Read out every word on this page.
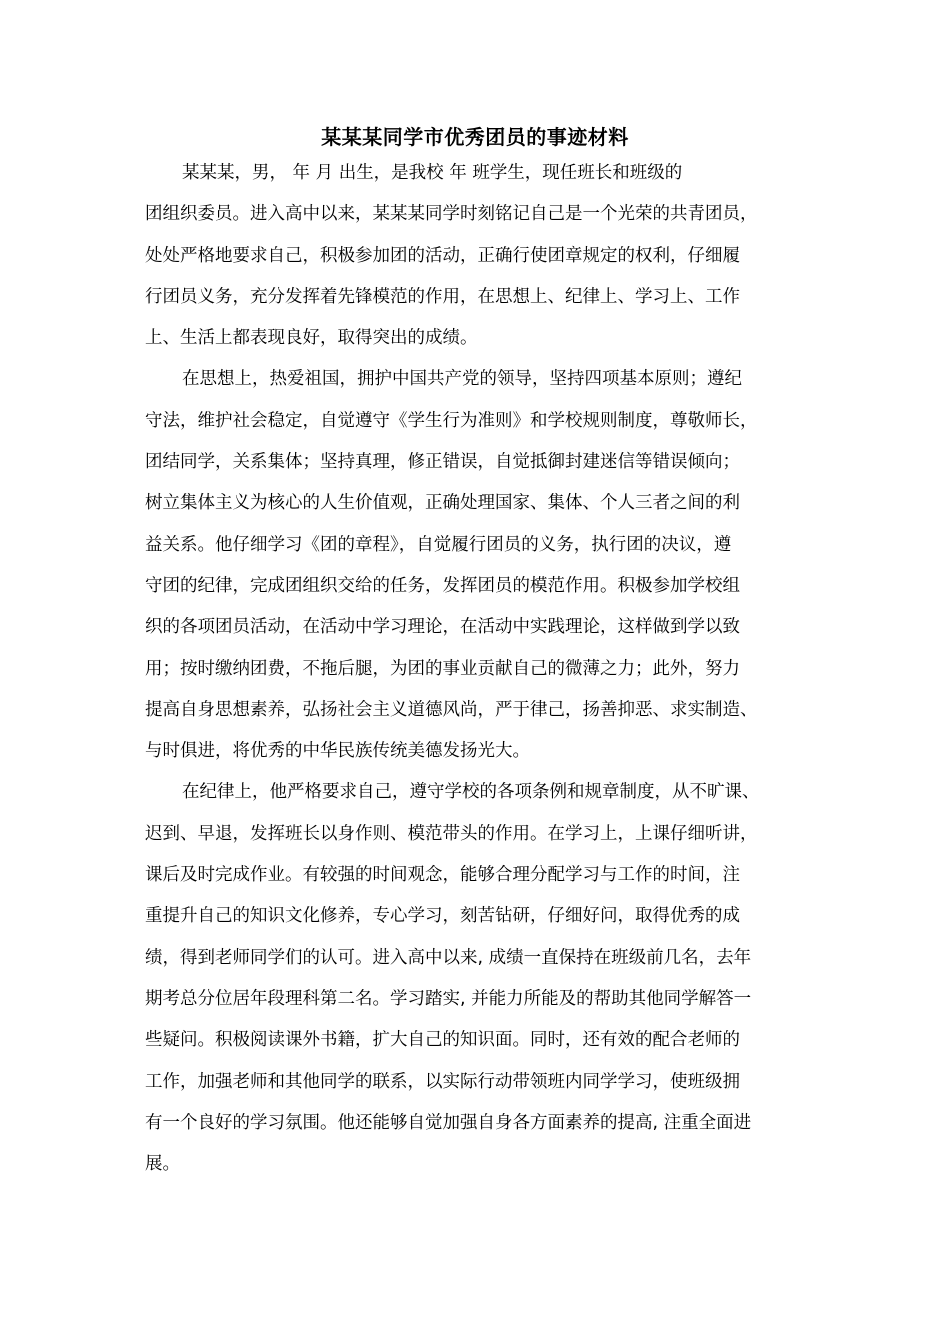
某某某同学市优秀团员的事迹材料
某某某，男， 年 月 出生，是我校 年 班学生，现任班长和班级的
团组织委员。进入高中以来，某某某同学时刻铭记自己是一个光荣的共青团员，
处处严格地要求自己，积极参加团的活动，正确行使团章规定的权利，仔细履
行团员义务，充分发挥着先锋模范的作用，在思想上、纪律上、学习上、工作
上、生活上都表现良好，取得突出的成绩。
在思想上，热爱祖国，拥护中国共产党的领导，坚持四项基本原则；遵纪
守法，维护社会稳定，自觉遵守《学生行为准则》和学校规则制度，尊敬师长，
团结同学，关系集体；坚持真理，修正错误，自觉抵御封建迷信等错误倾向；
树立集体主义为核心的人生价值观，正确处理国家、集体、个人三者之间的利
益关系。他仔细学习《团的章程》，自觉履行团员的义务，执行团的决议，遵
守团的纪律，完成团组织交给的任务，发挥团员的模范作用。积极参加学校组
织的各项团员活动，在活动中学习理论，在活动中实践理论，这样做到学以致
用；按时缴纳团费，不拖后腿，为团的事业贡献自己的微薄之力；此外，努力
提高自身思想素养，弘扬社会主义道德风尚，严于律己，扬善抑恶、求实制造、
与时俱进，将优秀的中华民族传统美德发扬光大。
在纪律上，他严格要求自己，遵守学校的各项条例和规章制度，从不旷课、
迟到、早退，发挥班长以身作则、模范带头的作用。在学习上，上课仔细听讲，
课后及时完成作业。有较强的时间观念，能够合理分配学习与工作的时间，注
重提升自己的知识文化修养，专心学习，刻苦钻研，仔细好问，取得优秀的成
绩，得到老师同学们的认可。进入高中以来, 成绩一直保持在班级前几名，去年
期考总分位居年段理科第二名。学习踏实, 并能力所能及的帮助其他同学解答一
些疑问。积极阅读课外书籍，扩大自己的知识面。同时，还有效的配合老师的
工作，加强老师和其他同学的联系，以实际行动带领班内同学学习，使班级拥
有一个良好的学习氛围。他还能够自觉加强自身各方面素养的提高, 注重全面进
展。
